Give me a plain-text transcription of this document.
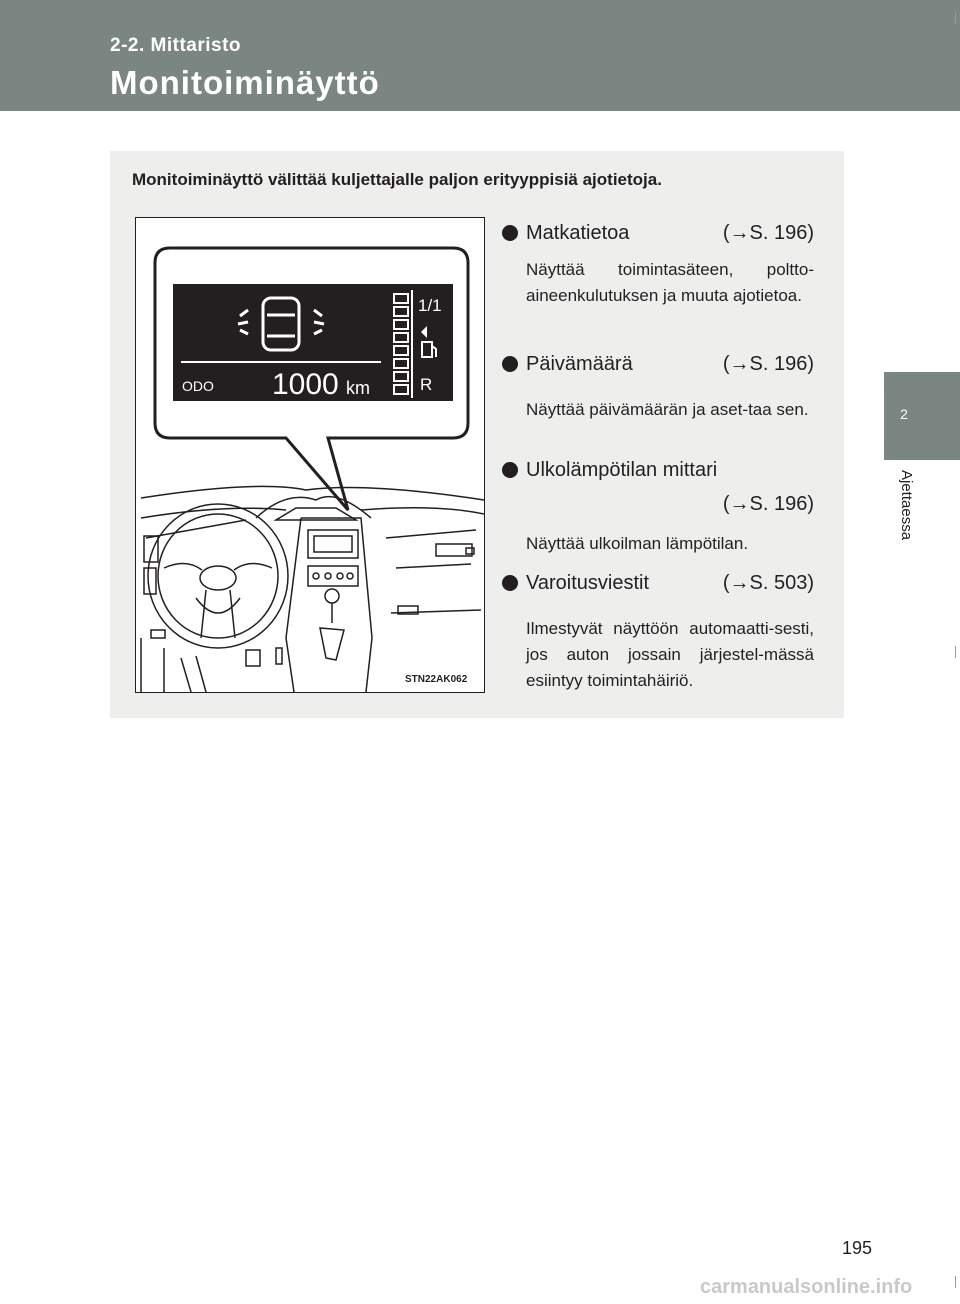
2-2. Mittaristo
Monitoiminäyttö
2
Ajettaessa
Monitoiminäyttö välittää kuljettajalle paljon erityyppisiä ajotietoja.
1/1
R
ODO 1000 km
STN22AK062
Matkatietoa	(→S. 196)
Näyttää toimintasäteen, poltto-aineenkulutuksen ja muuta ajotietoa.
Päivämäärä	(→S. 196)
Näyttää päivämäärän ja aset-taa sen.
Ulkolämpötilan mittari
(→S. 196)
Näyttää ulkoilman lämpötilan.
Varoitusviestit	(→S. 503)
Ilmestyvät näyttöön automaatti-sesti, jos auton jossain järjestel-mässä esiintyy toimintahäiriö.
195
carmanualsonline.info
